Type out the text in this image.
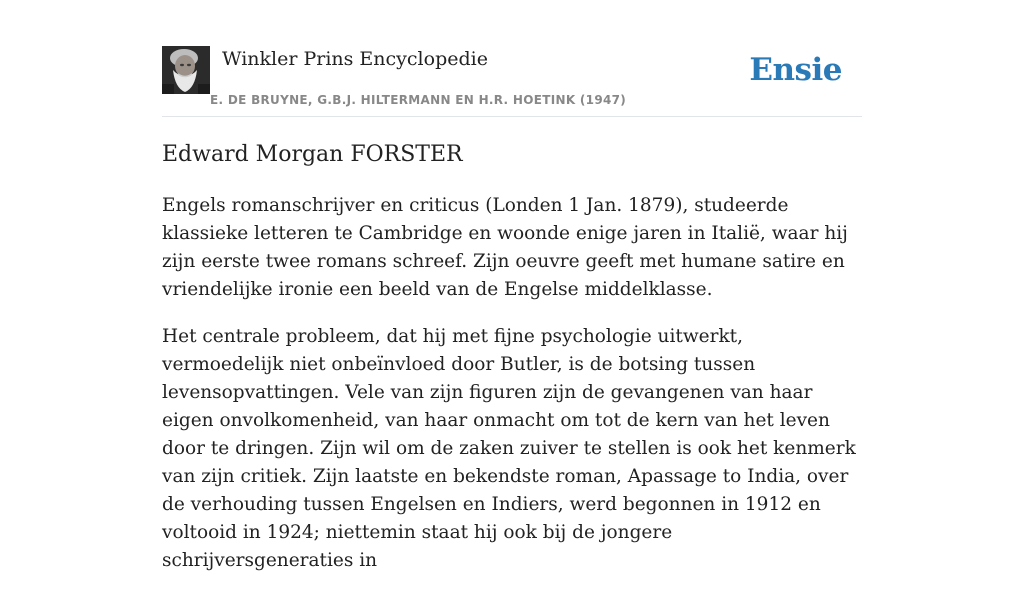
Winkler Prins Encyclopedie
E. DE BRUYNE, G.B.J. HILTERMANN EN H.R. HOETINK (1947)
Ensie
Edward Morgan FORSTER

Engels romanschrijver en criticus (Londen 1 Jan. 1879), studeerde klassieke letteren te Cambridge en woonde enige jaren in Italië, waar hij zijn eerste twee romans schreef. Zijn oeuvre geeft met humane satire en vriendelijke ironie een beeld van de Engelse middelklasse.

Het centrale probleem, dat hij met fijne psychologie uitwerkt, vermoedelijk niet onbeïnvloed door Butler, is de botsing tussen levensopvattingen. Vele van zijn figuren zijn de gevangenen van haar eigen onvolkomenheid, van haar onmacht om tot de kern van het leven door te dringen. Zijn wil om de zaken zuiver te stellen is ook het kenmerk van zijn critiek. Zijn laatste en bekendste roman, Apassage to India, over de verhouding tussen Engelsen en Indiers, werd begonnen in 1912 en voltooid in 1924; niettemin staat hij ook bij de jongere schrijversgeneraties in
